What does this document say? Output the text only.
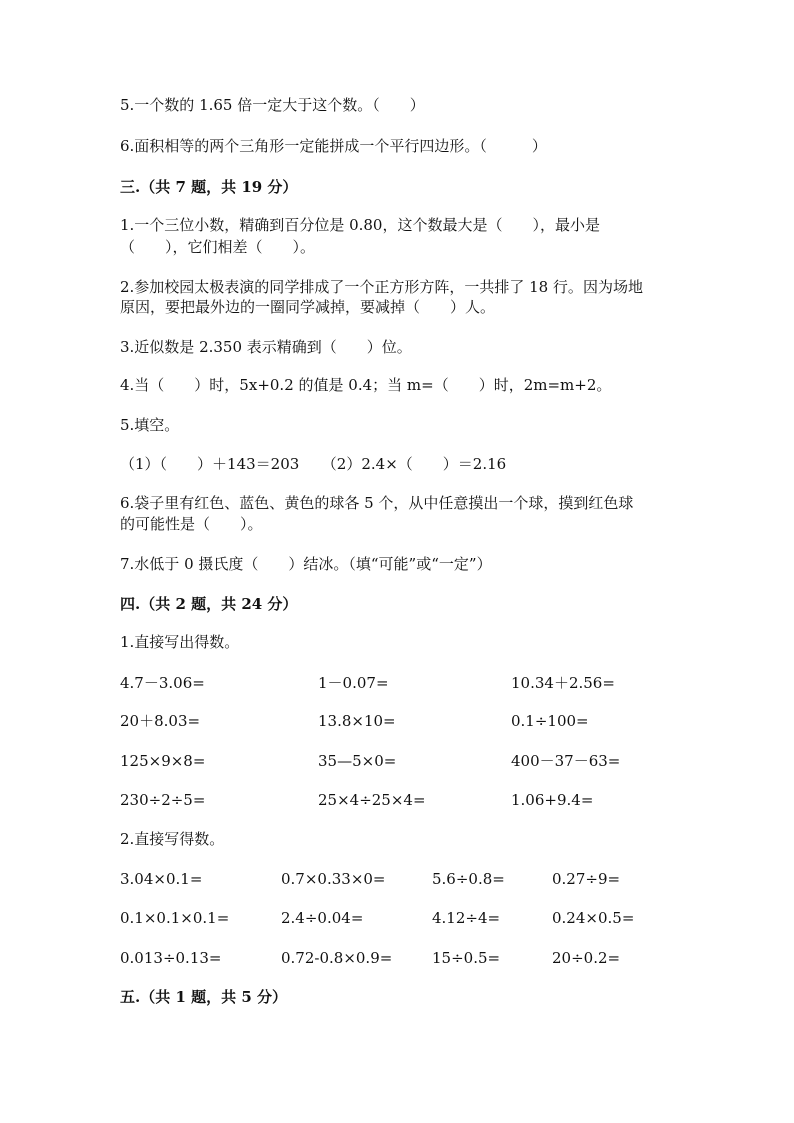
5.一个数的 1.65 倍一定大于这个数。（　　）
6.面积相等的两个三角形一定能拼成一个平行四边形。（　　　）
三.（共 7 题，共 19 分）
1.一个三位小数，精确到百分位是 0.80，这个数最大是（　　），最小是
（　　），它们相差（　　）。
2.参加校园太极表演的同学排成了一个正方形方阵，一共排了 18 行。因为场地
原因，要把最外边的一圈同学减掉，要减掉（　　）人。
3.近似数是 2.350 表示精确到（　　）位。
4.当（　　）时，5x+0.2 的值是 0.4；当 m=（　　）时，2m=m+2。
5.填空。
（1）（　　）＋143＝203　　（2）2.4×（　　）＝2.16
6.袋子里有红色、蓝色、黄色的球各 5 个，从中任意摸出一个球，摸到红色球
的可能性是（　　）。
7.水低于 0 摄氏度（　　）结冰。（填“可能”或“一定”）
四.（共 2 题，共 24 分）
1.直接写出得数。
4.7－3.06=	1－0.07=	10.34＋2.56=
20＋8.03=	13.8×10=	0.1÷100=
125×9×8=	35—5×0=	400－37－63=
230÷2÷5=	25×4÷25×4=	1.06+9.4=
2.直接写得数。
3.04×0.1=	0.7×0.33×0=	5.6÷0.8=	0.27÷9=
0.1×0.1×0.1=	2.4÷0.04=	4.12÷4=	0.24×0.5=
0.013÷0.13=	0.72-0.8×0.9=	15÷0.5=	20÷0.2=
五.（共 1 题，共 5 分）
